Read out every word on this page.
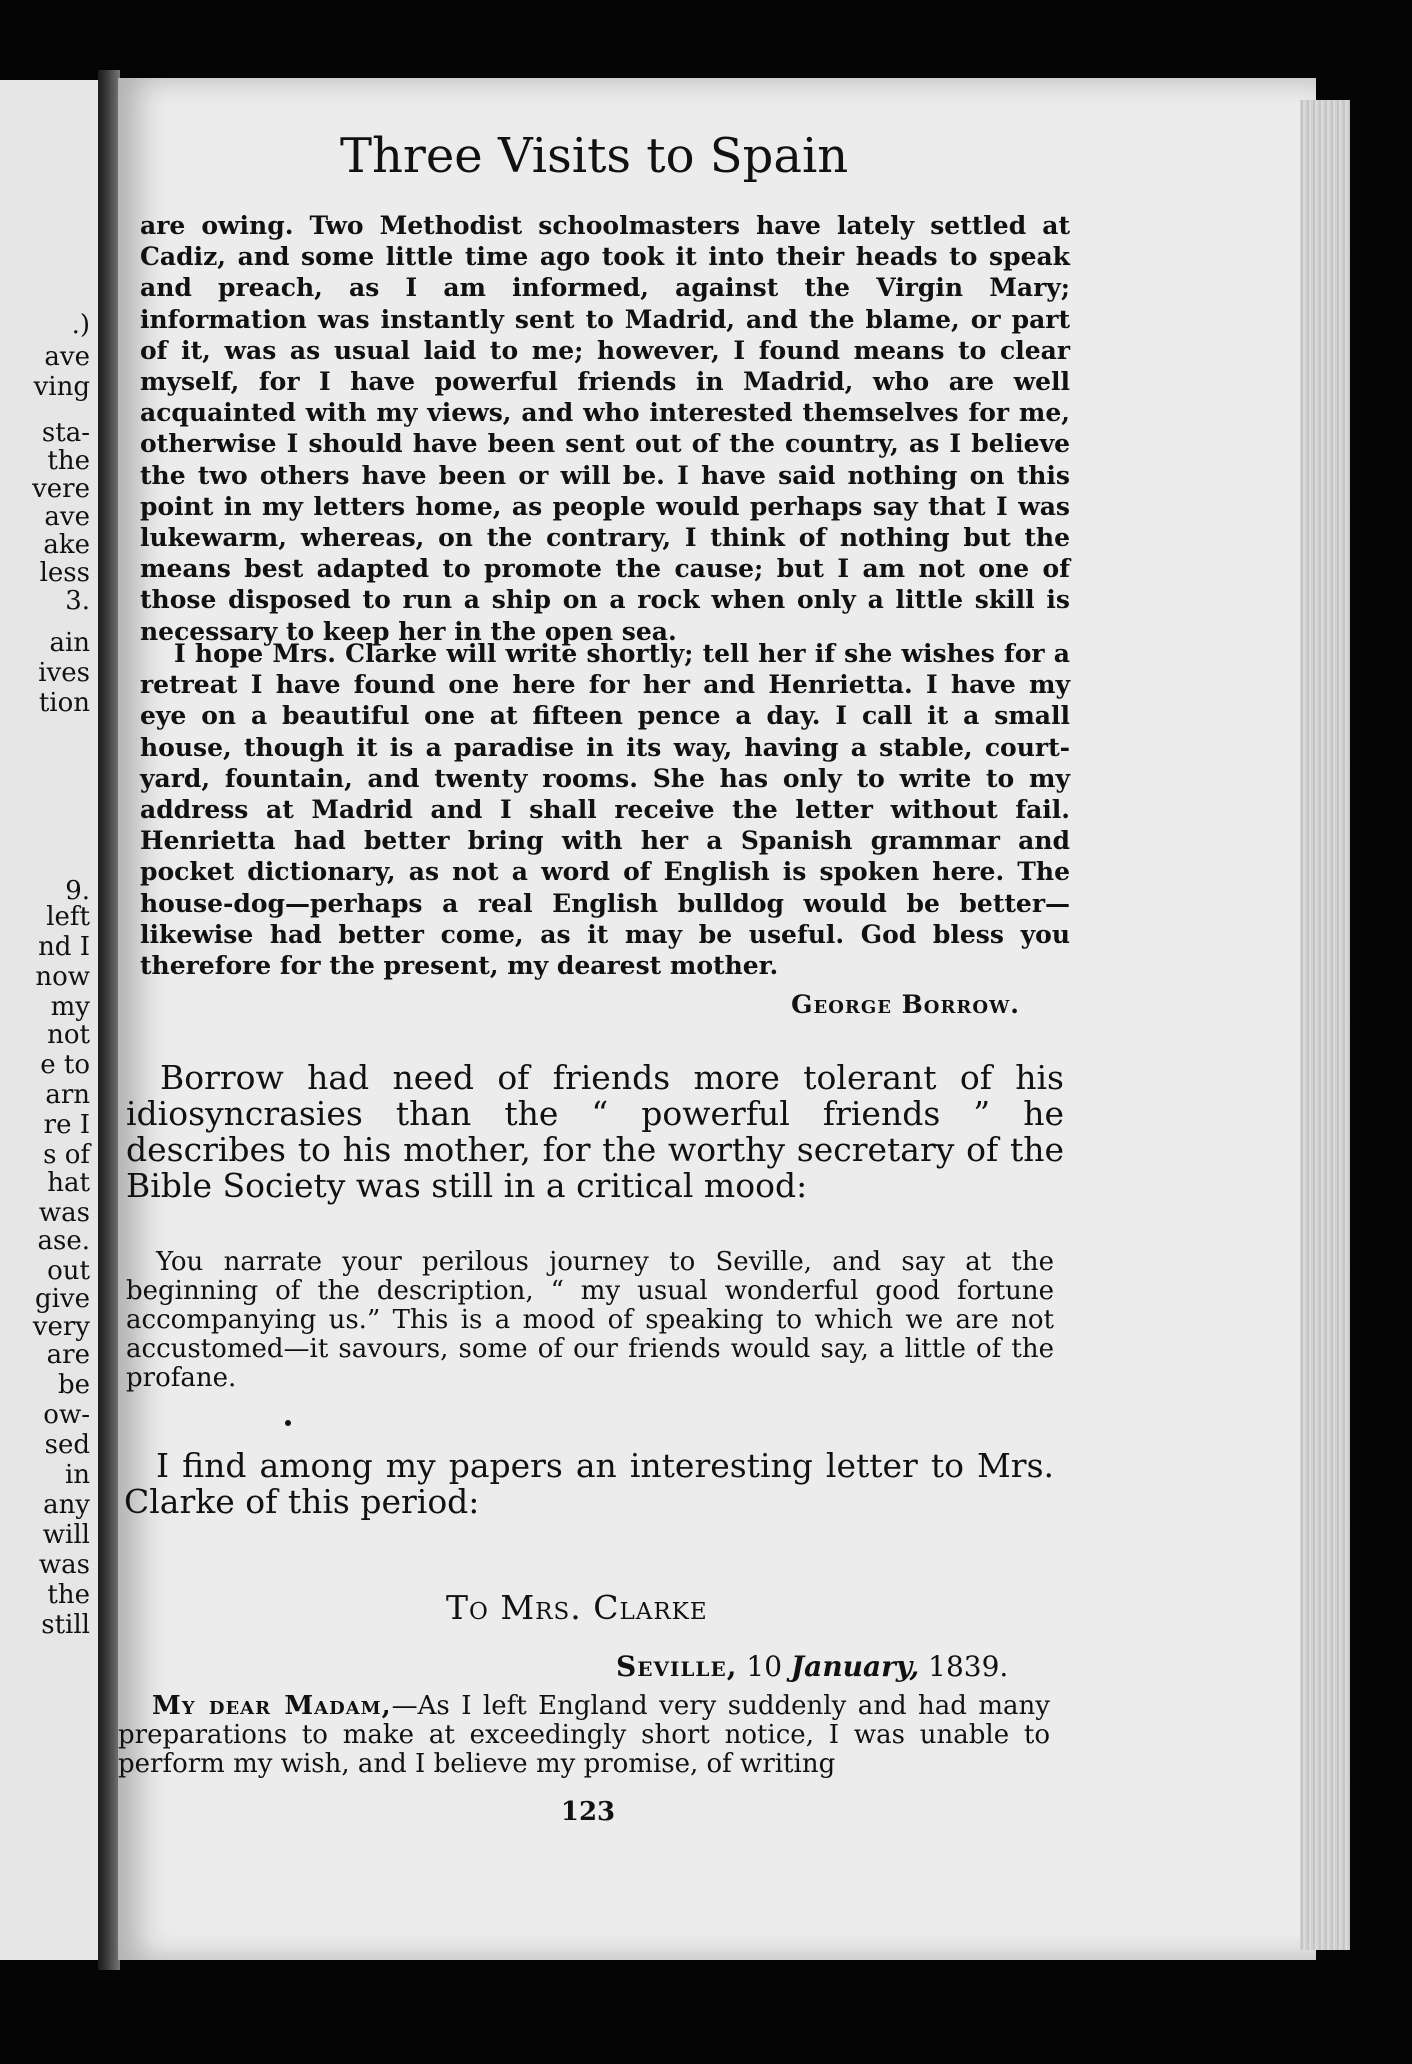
.)
ave
ving
sta-
the
vere
ave
ake
less
3.
ain
ives
tion
9.
left
nd I
now
my
not
e to
arn
re I
s of
hat
was
ase.
out
give
very
are
be
ow-
sed
in
any
will
was
the
still
Three Visits to Spain

are owing. Two Methodist schoolmasters have lately settled at Cadiz, and some little time ago took it into their heads to speak and preach, as I am informed, against the Virgin Mary; information was instantly sent to Madrid, and the blame, or part of it, was as usual laid to me; however, I found means to clear myself, for I have powerful friends in Madrid, who are well acquainted with my views, and who interested themselves for me, otherwise I should have been sent out of the country, as I believe the two others have been or will be. I have said nothing on this point in my letters home, as people would perhaps say that I was lukewarm, whereas, on the contrary, I think of nothing but the means best adapted to promote the cause; but I am not one of those disposed to run a ship on a rock when only a little skill is necessary to keep her in the open sea.

I hope Mrs. Clarke will write shortly; tell her if she wishes for a retreat I have found one here for her and Henrietta. I have my eye on a beautiful one at fifteen pence a day. I call it a small house, though it is a paradise in its way, having a stable, court-yard, fountain, and twenty rooms. She has only to write to my address at Madrid and I shall receive the letter without fail. Henrietta had better bring with her a Spanish grammar and pocket dictionary, as not a word of English is spoken here. The house-dog—perhaps a real English bulldog would be better—likewise had better come, as it may be useful. God bless you therefore for the present, my dearest mother.

George Borrow.
Borrow had need of friends more tolerant of his idiosyncrasies than the “ powerful friends ” he describes to his mother, for the worthy secretary of the Bible Society was still in a critical mood:
You narrate your perilous journey to Seville, and say at the beginning of the description, “ my usual wonderful good fortune accompanying us.” This is a mood of speaking to which we are not accustomed—it savours, some of our friends would say, a little of the profane.
I find among my papers an interesting letter to Mrs. Clarke of this period:
To Mrs. Clarke
Seville, 10 January, 1839.
My dear Madam,—As I left England very suddenly and had many preparations to make at exceedingly short notice, I was unable to perform my wish, and I believe my promise, of writing
123
